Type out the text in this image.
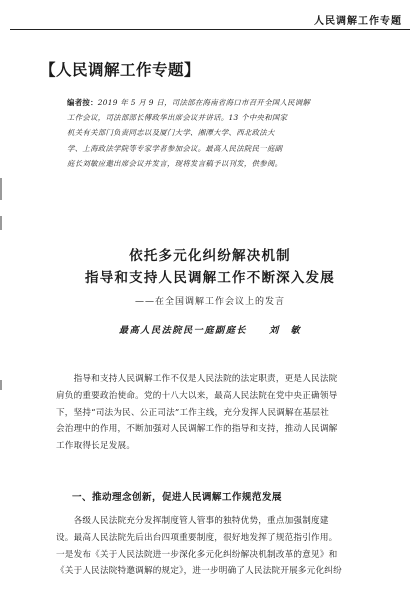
人民调解工作专题
【人民调解工作专题】
编者按：2019 年 5 月 9 日，司法部在海南省海口市召开全国人民调解
工作会议，司法部部长傅政华出席会议并讲话。13 个中央和国家
机关有关部门负责同志以及厦门大学、湘潭大学、西北政法大
学、上海政法学院等专家学者参加会议。最高人民法院民一庭副
庭长刘敏应邀出席会议并发言，现将发言稿予以刊发，供参阅。
依托多元化纠纷解决机制
指导和支持人民调解工作不断深入发展
——在全国调解工作会议上的发言
最高人民法院民一庭副庭长 刘　敏
　　指导和支持人民调解工作不仅是人民法院的法定职责，更是人民法院
肩负的重要政治使命。党的十八大以来，最高人民法院在党中央正确领导
下，坚持“司法为民、公正司法”工作主线，充分发挥人民调解在基层社
会治理中的作用，不断加强对人民调解工作的指导和支持，推动人民调解
工作取得长足发展。
一、推动理念创新，促进人民调解工作规范发展
　　各级人民法院充分发挥制度管人管事的独特优势，重点加强制度建
设。最高人民法院先后出台四项重要制度，很好地发挥了规范指引作用。
一是发布《关于人民法院进一步深化多元化纠纷解决机制改革的意见》和
《关于人民法院特邀调解的规定》，进一步明确了人民法院开展多元化纠纷
